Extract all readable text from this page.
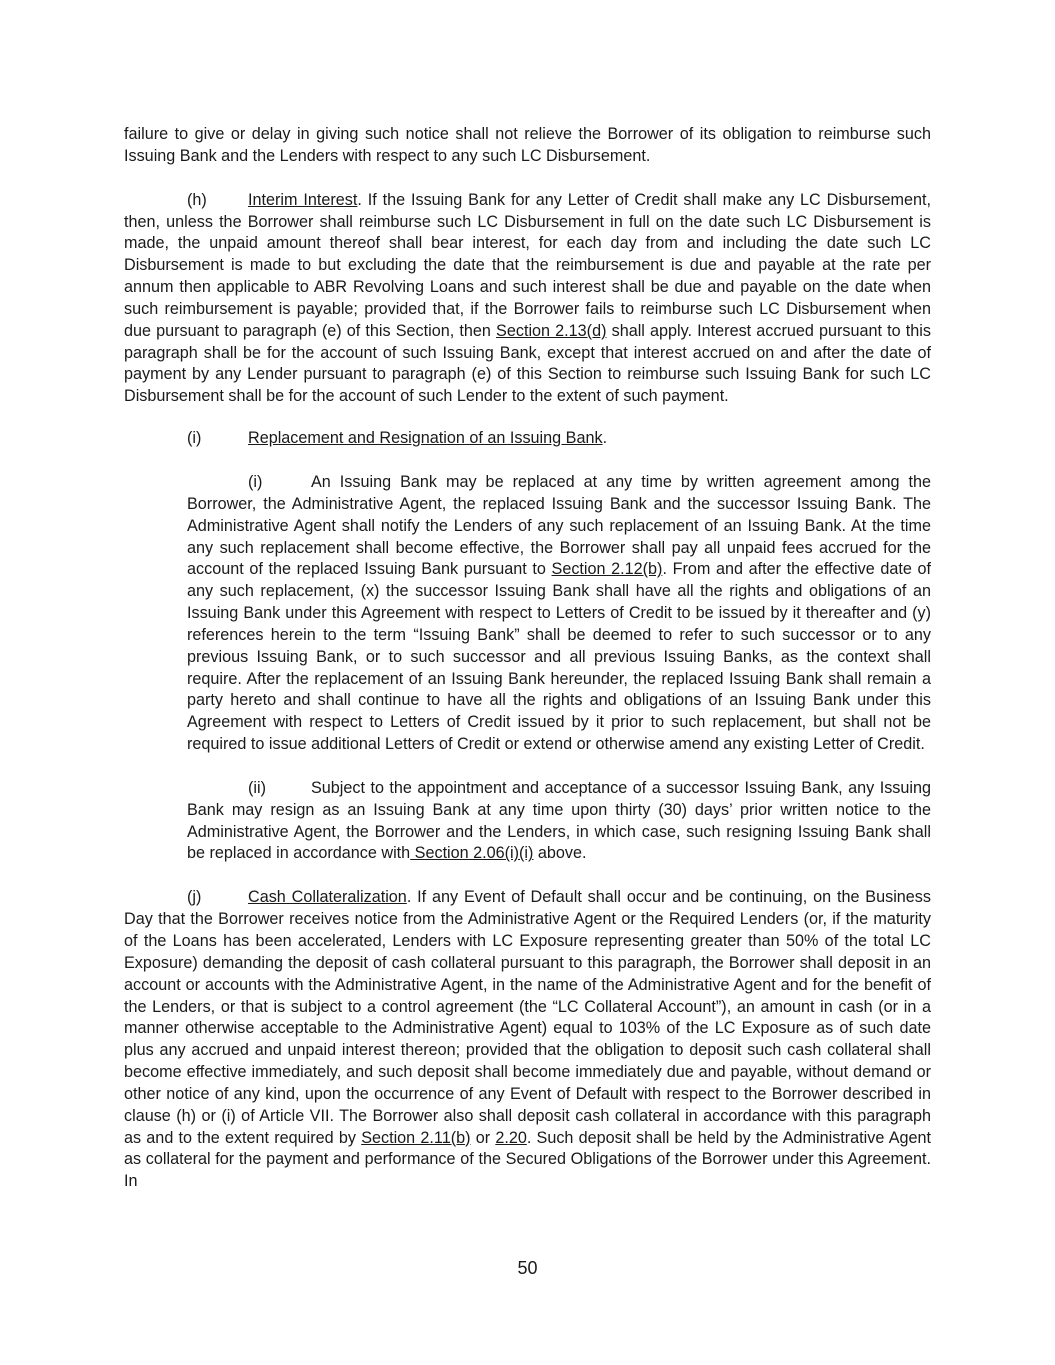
failure to give or delay in giving such notice shall not relieve the Borrower of its obligation to reimburse such Issuing Bank and the Lenders with respect to any such LC Disbursement.

(h)	Interim Interest. If the Issuing Bank for any Letter of Credit shall make any LC Disbursement, then, unless the Borrower shall reimburse such LC Disbursement in full on the date such LC Disbursement is made, the unpaid amount thereof shall bear interest, for each day from and including the date such LC Disbursement is made to but excluding the date that the reimbursement is due and payable at the rate per annum then applicable to ABR Revolving Loans and such interest shall be due and payable on the date when such reimbursement is payable; provided that, if the Borrower fails to reimburse such LC Disbursement when due pursuant to paragraph (e) of this Section, then Section 2.13(d) shall apply. Interest accrued pursuant to this paragraph shall be for the account of such Issuing Bank, except that interest accrued on and after the date of payment by any Lender pursuant to paragraph (e) of this Section to reimburse such Issuing Bank for such LC Disbursement shall be for the account of such Lender to the extent of such payment.

(i)	Replacement and Resignation of an Issuing Bank.

(i)	An Issuing Bank may be replaced at any time by written agreement among the Borrower, the Administrative Agent, the replaced Issuing Bank and the successor Issuing Bank. The Administrative Agent shall notify the Lenders of any such replacement of an Issuing Bank. At the time any such replacement shall become effective, the Borrower shall pay all unpaid fees accrued for the account of the replaced Issuing Bank pursuant to Section 2.12(b). From and after the effective date of any such replacement, (x) the successor Issuing Bank shall have all the rights and obligations of an Issuing Bank under this Agreement with respect to Letters of Credit to be issued by it thereafter and (y) references herein to the term “Issuing Bank” shall be deemed to refer to such successor or to any previous Issuing Bank, or to such successor and all previous Issuing Banks, as the context shall require. After the replacement of an Issuing Bank hereunder, the replaced Issuing Bank shall remain a party hereto and shall continue to have all the rights and obligations of an Issuing Bank under this Agreement with respect to Letters of Credit issued by it prior to such replacement, but shall not be required to issue additional Letters of Credit or extend or otherwise amend any existing Letter of Credit.

(ii)	Subject to the appointment and acceptance of a successor Issuing Bank, any Issuing Bank may resign as an Issuing Bank at any time upon thirty (30) days’ prior written notice to the Administrative Agent, the Borrower and the Lenders, in which case, such resigning Issuing Bank shall be replaced in accordance with Section 2.06(i)(i) above.

(j)	Cash Collateralization. If any Event of Default shall occur and be continuing, on the Business Day that the Borrower receives notice from the Administrative Agent or the Required Lenders (or, if the maturity of the Loans has been accelerated, Lenders with LC Exposure representing greater than 50% of the total LC Exposure) demanding the deposit of cash collateral pursuant to this paragraph, the Borrower shall deposit in an account or accounts with the Administrative Agent, in the name of the Administrative Agent and for the benefit of the Lenders, or that is subject to a control agreement (the “LC Collateral Account”), an amount in cash (or in a manner otherwise acceptable to the Administrative Agent) equal to 103% of the LC Exposure as of such date plus any accrued and unpaid interest thereon; provided that the obligation to deposit such cash collateral shall become effective immediately, and such deposit shall become immediately due and payable, without demand or other notice of any kind, upon the occurrence of any Event of Default with respect to the Borrower described in clause (h) or (i) of Article VII. The Borrower also shall deposit cash collateral in accordance with this paragraph as and to the extent required by Section 2.11(b) or 2.20. Such deposit shall be held by the Administrative Agent as collateral for the payment and performance of the Secured Obligations of the Borrower under this Agreement. In

50
